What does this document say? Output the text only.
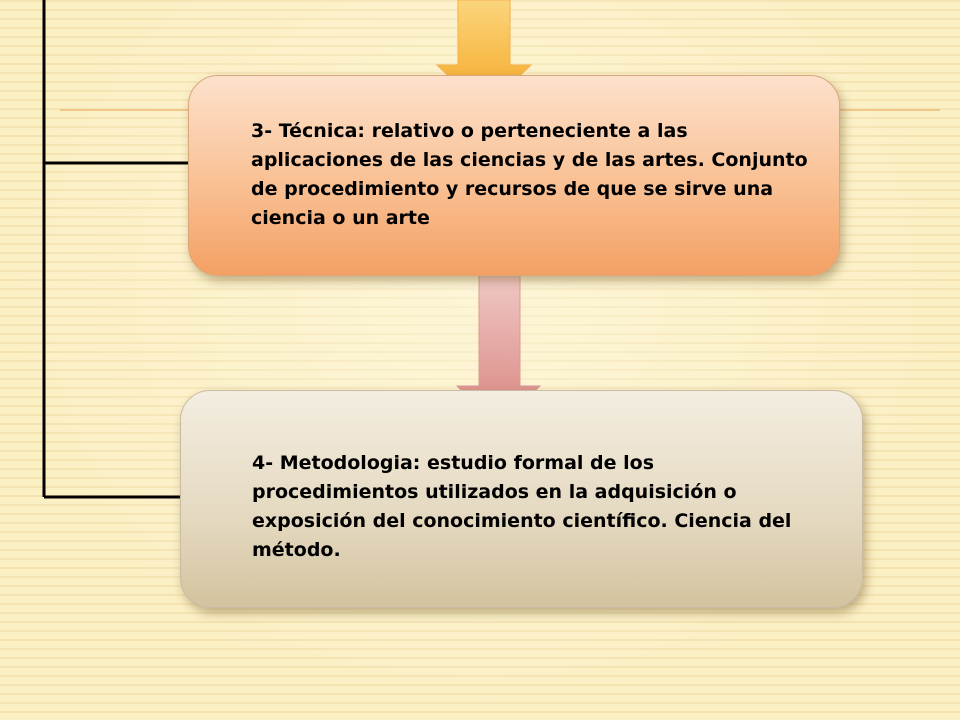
3- Técnica: relativo o perteneciente a las aplicaciones de las ciencias y de las artes. Conjunto de procedimiento y recursos de que se sirve una ciencia o un arte

4- Metodologia: estudio formal de los procedimientos utilizados en la adquisición o exposición del conocimiento científico. Ciencia del método.
